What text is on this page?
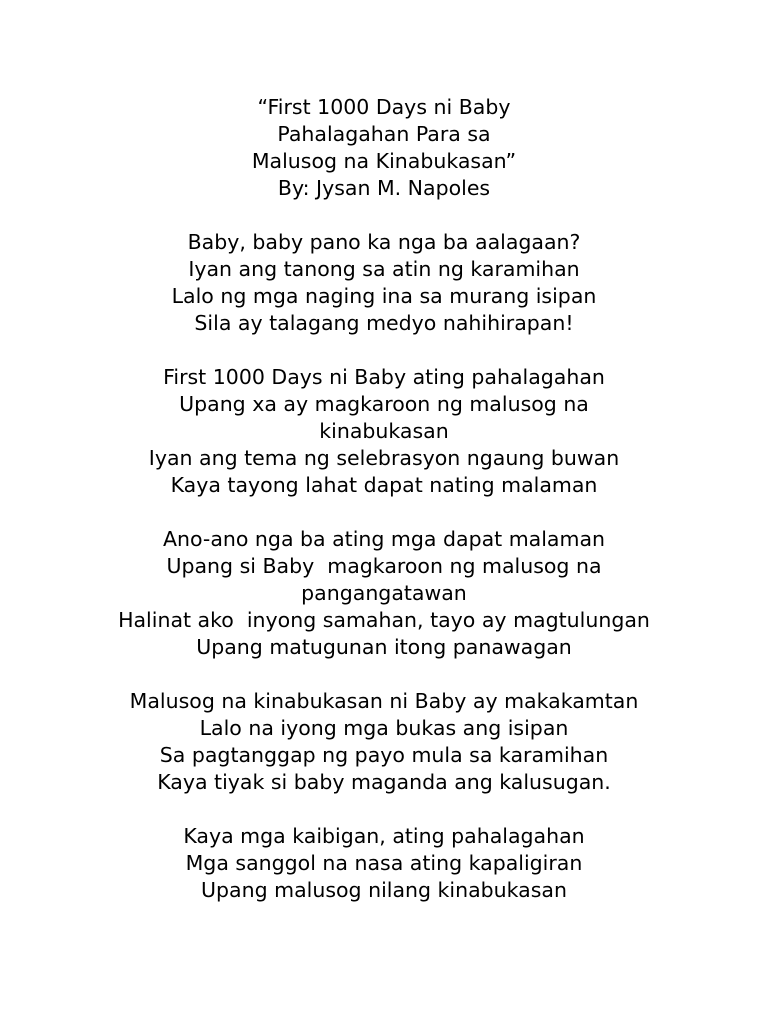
“First 1000 Days ni Baby
Pahalagahan Para sa
Malusog na Kinabukasan”
By: Jysan M. Napoles
Baby, baby pano ka nga ba aalagaan?
Iyan ang tanong sa atin ng karamihan
Lalo ng mga naging ina sa murang isipan
Sila ay talagang medyo nahihirapan!
First 1000 Days ni Baby ating pahalagahan
Upang xa ay magkaroon ng malusog na
kinabukasan
Iyan ang tema ng selebrasyon ngaung buwan
Kaya tayong lahat dapat nating malaman
Ano-ano nga ba ating mga dapat malaman
Upang si Baby  magkaroon ng malusog na
pangangatawan
Halinat ako  inyong samahan, tayo ay magtulungan
Upang matugunan itong panawagan
Malusog na kinabukasan ni Baby ay makakamtan
Lalo na iyong mga bukas ang isipan
Sa pagtanggap ng payo mula sa karamihan
Kaya tiyak si baby maganda ang kalusugan.
Kaya mga kaibigan, ating pahalagahan
Mga sanggol na nasa ating kapaligiran
Upang malusog nilang kinabukasan
